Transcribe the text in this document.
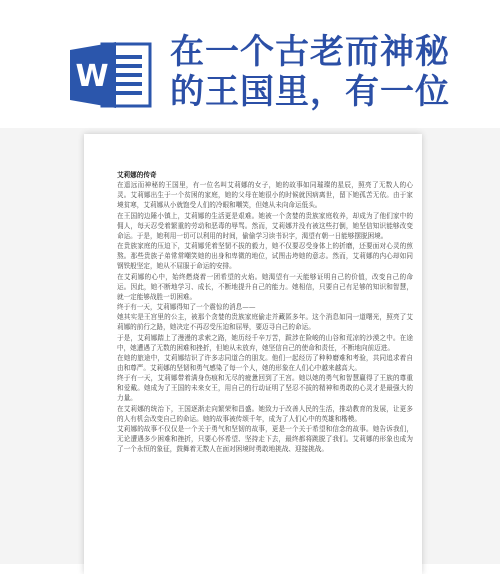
W
在一个古老而神秘
的王国里，有一位

艾莉娜的传奇

在遥远而神秘的王国里，有一位名叫艾莉娜的女子，她的故事如同璀璨的星辰，照亮了无数人的心灵。艾莉娜出生于一个贫困的家庭，她的父母在她很小的时候就因病离世，留下她孤苦无依。由于家境贫寒，艾莉娜从小就饱受人们的冷眼和嘲笑，但她从未向命运低头。

在王国的边陲小镇上，艾莉娜的生活更是艰难。她被一个贪婪的贵族家庭收养，却成为了他们家中的佣人，每天忍受着繁重的劳动和恶毒的辱骂。然而，艾莉娜并没有被这些打倒，她坚信知识能够改变命运。于是，她利用一切可以利用的时间，偷偷学习读书识字，渴望有朝一日能够摆脱困境。

在贵族家庭的压迫下，艾莉娜凭着坚韧不拔的毅力，她不仅要忍受身体上的折磨，还要面对心灵的煎熬。那些贵族子弟常常嘲笑她的出身和卑微的地位，试图击垮她的意志。然而，艾莉娜的内心却如同钢铁般坚定，她从不屈服于命运的安排。

在艾莉娜的心中，始终燃烧着一团希望的火焰。她渴望有一天能够证明自己的价值，改变自己的命运。因此，她不断地学习、成长，不断地提升自己的能力。她相信，只要自己有足够的知识和智慧，就一定能够战胜一切困难。

终于有一天，艾莉娜得知了一个震惊的消息——

她其实是王宫里的公主，被那个贪婪的贵族家庭偷走并藏匿多年。这个消息如同一道曙光，照亮了艾莉娜的前行之路，她决定不再忍受压迫和屈辱，要迈寻自己的命运。

于是，艾莉娜踏上了漫漫的求索之路，她历经千辛万苦，跋涉在险峻的山谷和荒凉的沙漠之中。在途中，她遭遇了无数的困难和挫折，但她从未放弃，她坚信自己的使命和责任，不断地向前迈进。

在她的旅途中，艾莉娜结识了许多志同道合的朋友。他们一起经历了种种磨难和考验，共同追求着自由和尊严。艾莉娜的坚韧和勇气感染了每一个人，她的形象在人们心中越来越高大。

终于有一天，艾莉娜带着满身伤痕和无尽的疲惫回到了王宫。她以她的勇气和智慧赢得了王族的尊重和爱戴。她成为了王国的未来女王，用自己的行动证明了坚忍不拔的精神和勇敢的心灵才是最强大的力量。

在艾莉娜的统治下，王国逐渐走向繁荣和昌盛。她致力于改善人民的生活，推动教育的发展，让更多的人有机会改变自己的命运。她的故事被传颂千年，成为了人们心中的英雄和楷模。

艾莉娜的故事不仅仅是一个关于勇气和坚韧的故事，更是一个关于希望和信念的故事。她告诉我们，无论遭遇多少困难和挫折，只要心怀希望、坚持走下去，最终都将跳脱了我们。艾莉娜的形象也成为了一个永恒的象征，鼓舞着无数人在面对困境时勇敢地挑战、迎接挑战。
